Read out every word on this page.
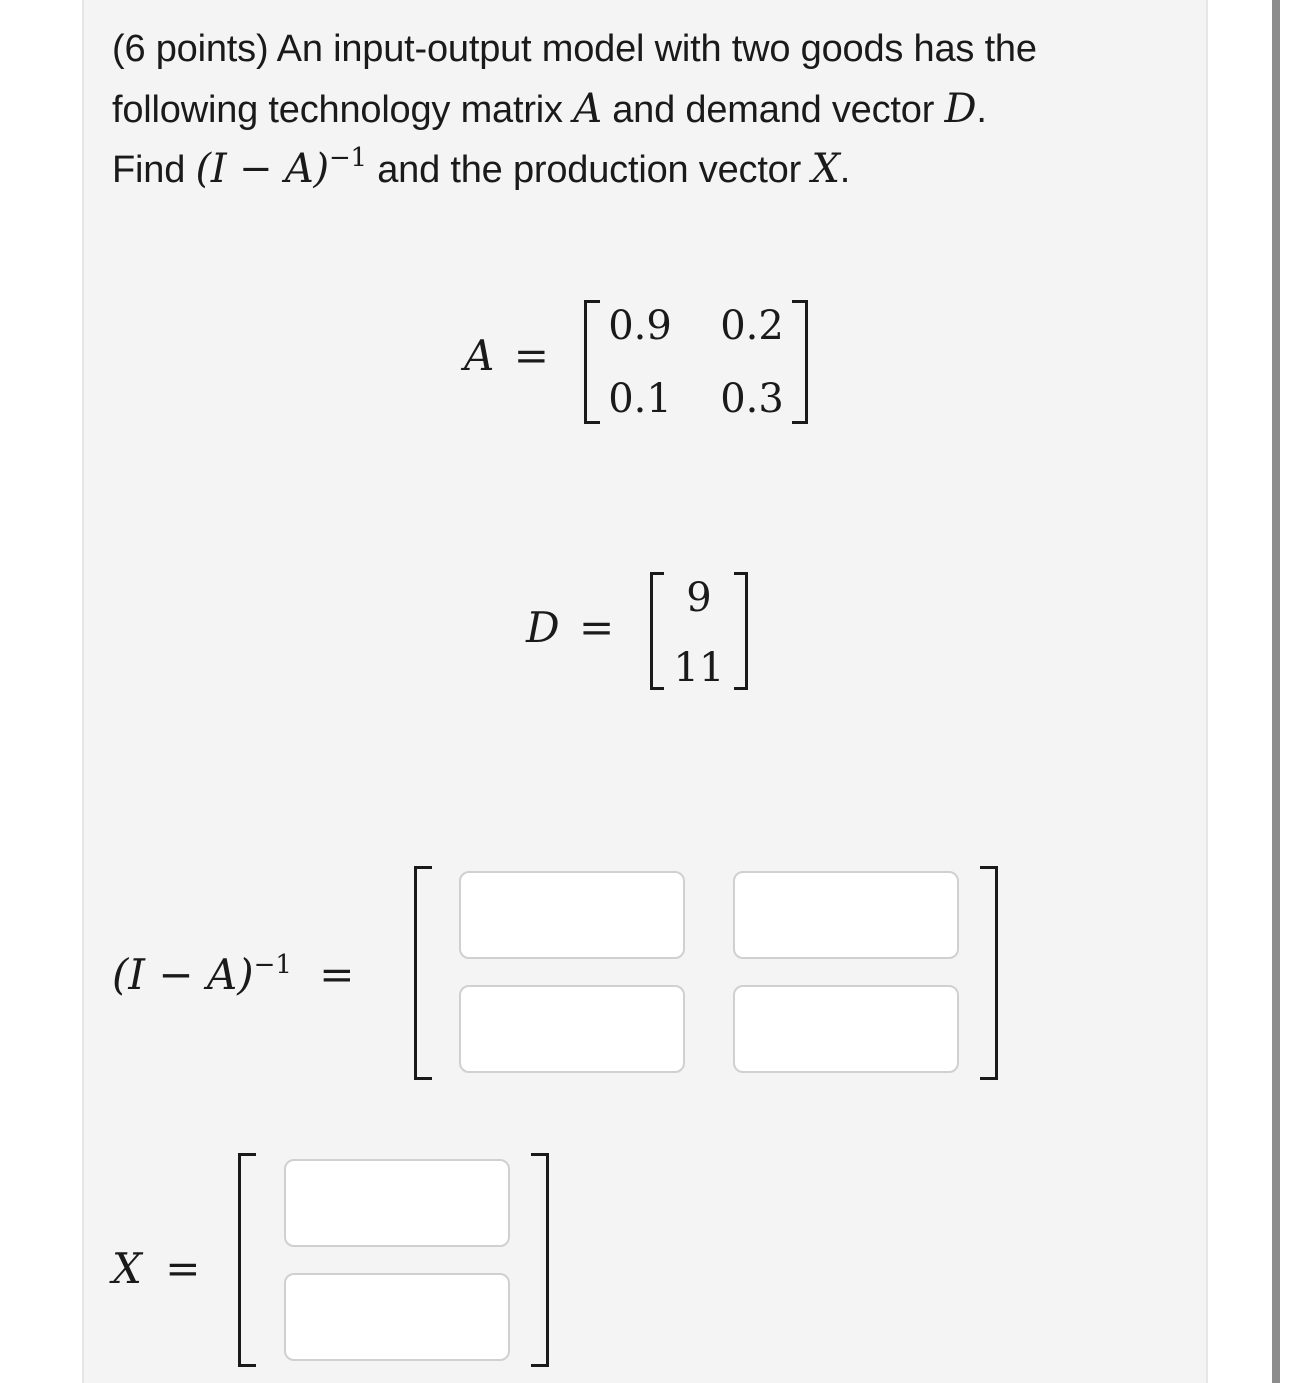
(6 points) An input-output model with two goods has the
following technology matrix A and demand vector D.
Find $(I - A)^{-1}$ and the production vector X.
A =
0.9 0.2
0.1 0.3
D =
9
11
$(I - A)^{-1}$ =
X =
